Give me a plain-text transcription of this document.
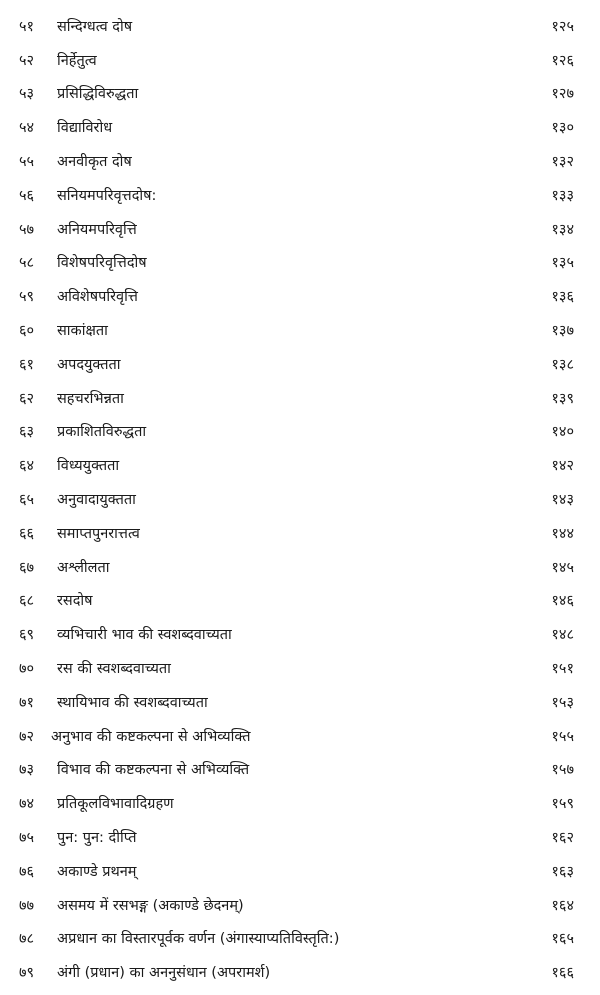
५१	सन्दिग्धत्व दोष	१२५
५२	निर्हेतुत्व	१२६
५३	प्रसिद्धिविरुद्धता	१२७
५४	विद्याविरोध	१३०
५५	अनवीकृत दोष	१३२
५६	सनियमपरिवृत्तदोष:	१३३
५७	अनियमपरिवृत्ति	१३४
५८	विशेषपरिवृत्तिदोष	१३५
५९	अविशेषपरिवृत्ति	१३६
६०	साकांक्षता	१३७
६१	अपदयुक्तता	१३८
६२	सहचरभिन्नता	१३९
६३	प्रकाशितविरुद्धता	१४०
६४	विध्ययुक्तता	१४२
६५	अनुवादायुक्तता	१४३
६६	समाप्तपुनरात्तत्व	१४४
६७	अश्लीलता	१४५
६८	रसदोष	१४६
६९	व्यभिचारी भाव की स्वशब्दवाच्यता	१४८
७०	रस की स्वशब्दवाच्यता	१५१
७१	स्थायिभाव की स्वशब्दवाच्यता	१५३
७२	अनुभाव की कष्टकल्पना से अभिव्यक्ति	१५५
७३	विभाव की कष्टकल्पना से अभिव्यक्ति	१५७
७४	प्रतिकूलविभावादिग्रहण	१५९
७५	पुन: पुन: दीप्ति	१६२
७६	अकाण्डे प्रथनम्	१६३
७७	असमय में रसभङ्ग (अकाण्डे छेदनम्)	१६४
७८	अप्रधान का विस्तारपूर्वक वर्णन (अंगास्याप्यतिविस्तृति:)	१६५
७९	अंगी (प्रधान) का अननुसंधान (अपरामर्श)	१६६
